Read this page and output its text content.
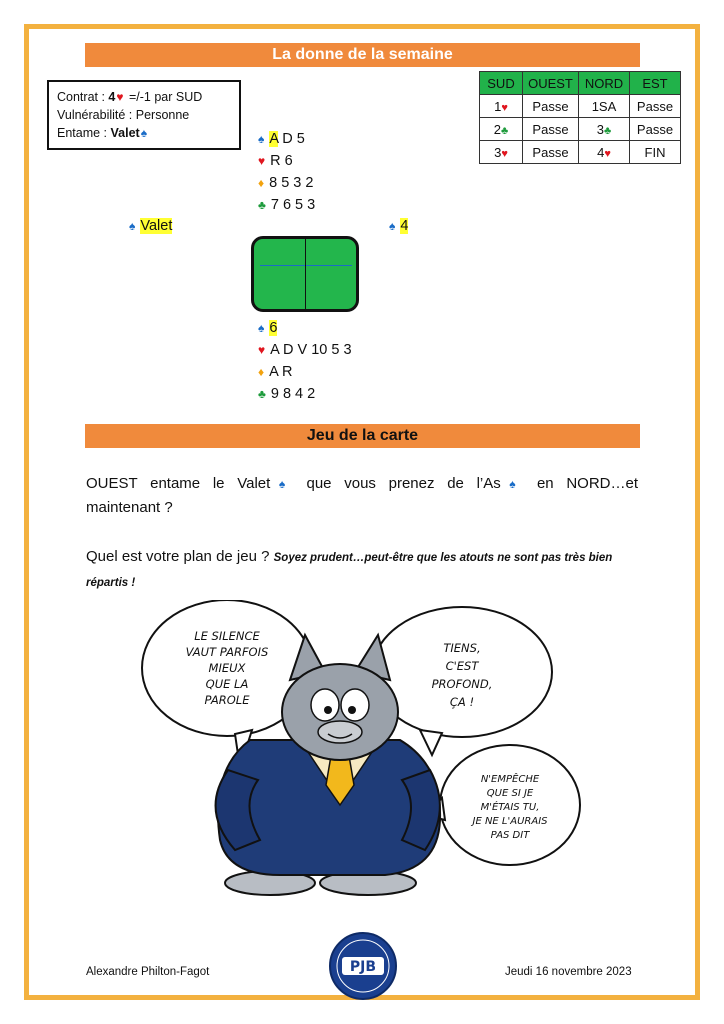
La donne de la semaine
Contrat : 4♥ =/-1 par SUD
Vulnérabilité : Personne
Entame : Valet♠
SUD	OUEST	NORD	EST
1♥	Passe	1SA	Passe
2♣	Passe	3♣	Passe
3♥	Passe	4♥	FIN
♠ A D 5
♥ R 6
♦ 8 5 3 2
♣ 7 6 5 3
♠ Valet	♠ 4
♠ 6
♥ A D V 10 5 3
♦ A R
♣ 9 8 4 2
Jeu de la carte
OUEST entame le Valet♠ que vous prenez de l’As♠ en NORD…et
maintenant ?
Quel est votre plan de jeu ? Soyez prudent…peut-être que les atouts ne sont pas très bien répartis !
LE SILENCE
VAUT PARFOIS
MIEUX
QUE LA
PAROLE
TIENS,
C'EST
PROFOND,
ÇA !
N'EMPÊCHE
QUE SI JE
M'ÉTAIS TU,
JE NE L'AURAIS
PAS DIT
Alexandre Philton-Fagot	Jeudi 16 novembre 2023
PJB
